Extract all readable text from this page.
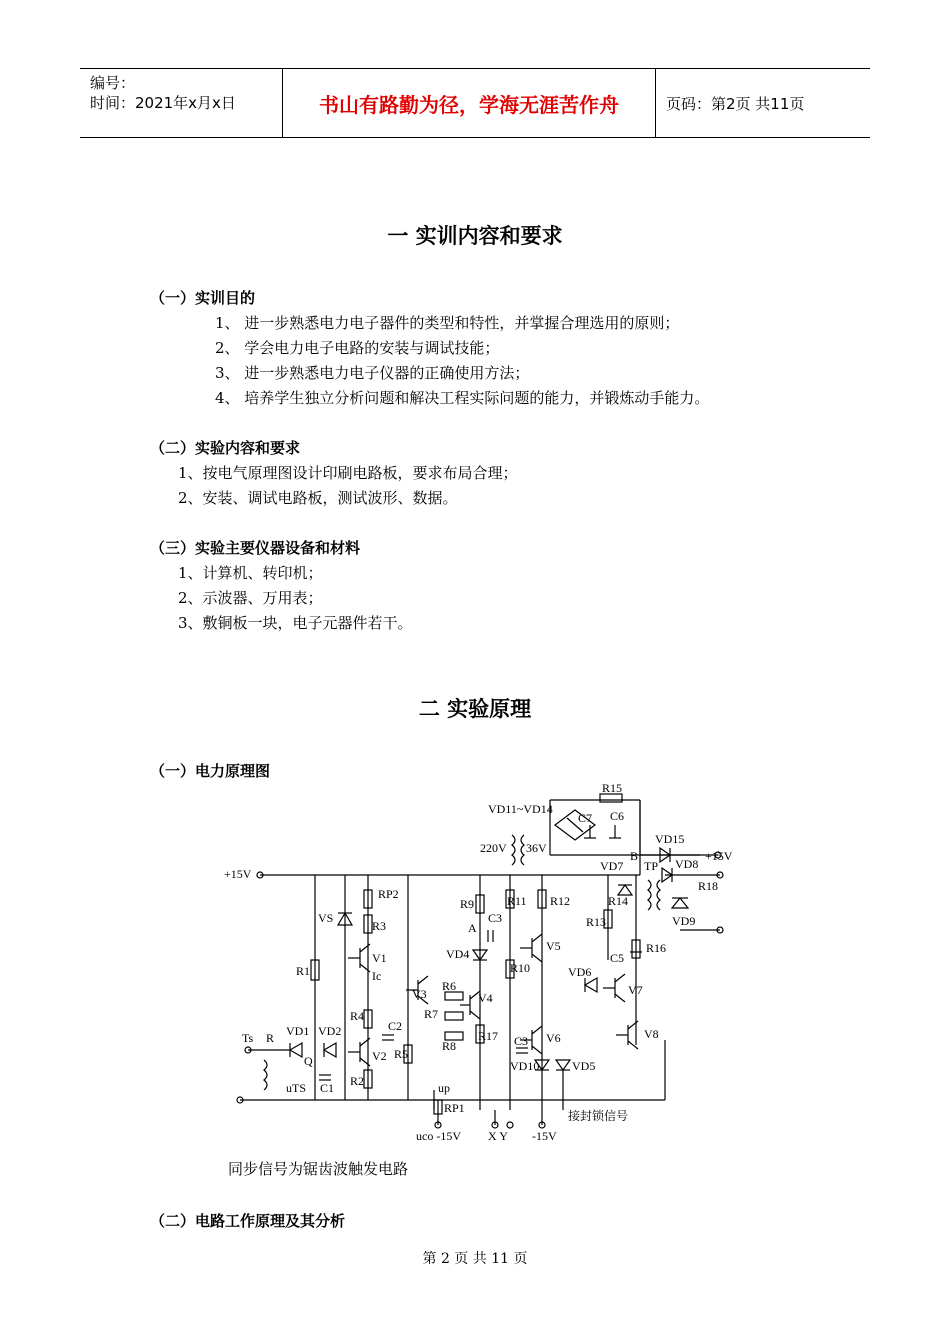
编号：
时间：2021年x月x日	书山有路勤为径，学海无涯苦作舟	页码：第2页 共11页
一 实训内容和要求
（一）实训目的
1、 进一步熟悉电力电子器件的类型和特性，并掌握合理选用的原则；
2、 学会电力电子电路的安装与调试技能；
3、 进一步熟悉电力电子仪器的正确使用方法；
4、 培养学生独立分析问题和解决工程实际问题的能力，并锻炼动手能力。
（二）实验内容和要求
1、按电气原理图设计印刷电路板，要求布局合理；
2、安装、调试电路板，测试波形、数据。
（三）实验主要仪器设备和材料
1、计算机、转印机；
2、示波器、万用表；
3、敷铜板一块，电子元器件若干。
二 实验原理
（一）电力原理图
VD11~VD14
R15
C7 C6
220V 36V
VD15
+15V
B
VD7 TP VD8
R18
VD9
+15V
RP2
R9	R11 R12	R14
R13
R16
C5
VS
R3
V1
Ic
C3
A
VD4
V5
R1	R10	VD6
V7
V3
R6
R4
C2
R7
V4
Ts R VD1 VD2	R17	V8
Q	V2 R5
R8	C3 V6
C1 R2
uTS
VD10	VD5
up
RP1
接封锁信号
uco -15V X Y -15V
同步信号为锯齿波触发电路
（二）电路工作原理及其分析
第 2 页 共 11 页
